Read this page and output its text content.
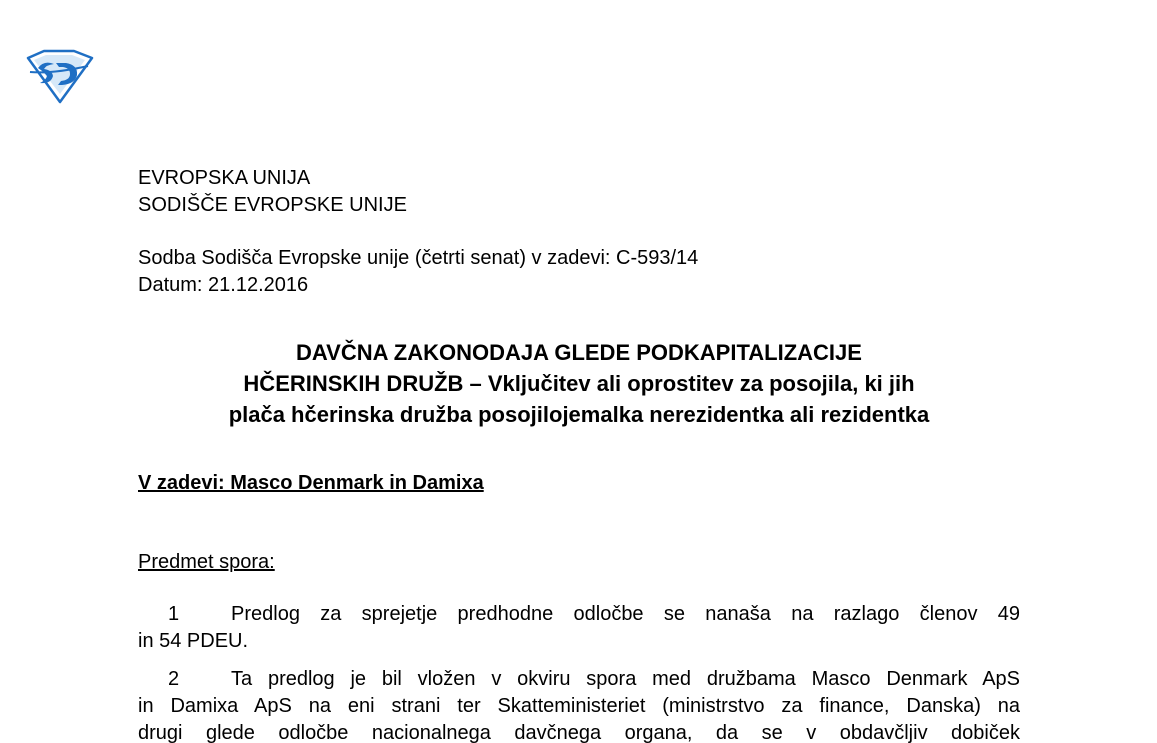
EVROPSKA UNIJA
SODIŠČE EVROPSKE UNIJE
Sodba Sodišča Evropske unije (četrti senat) v zadevi: C-593/14
Datum: 21.12.2016
DAVČNA ZAKONODAJA GLEDE PODKAPITALIZACIJE
HČERINSKIH DRUŽB – Vključitev ali oprostitev za posojila, ki jih
plača hčerinska družba posojilojemalka nerezidentka ali rezidentka
V zadevi: Masco Denmark in Damixa
Predmet spora:
1	Predlog za sprejetje predhodne odločbe se nanaša na razlago členov 49
in 54 PDEU.
2	Ta predlog je bil vložen v okviru spora med družbama Masco Denmark ApS
in Damixa ApS na eni strani ter Skatteministeriet (ministrstvo za finance, Danska) na
drugi glede odločbe nacionalnega davčnega organa, da se v obdavčljiv dobiček
